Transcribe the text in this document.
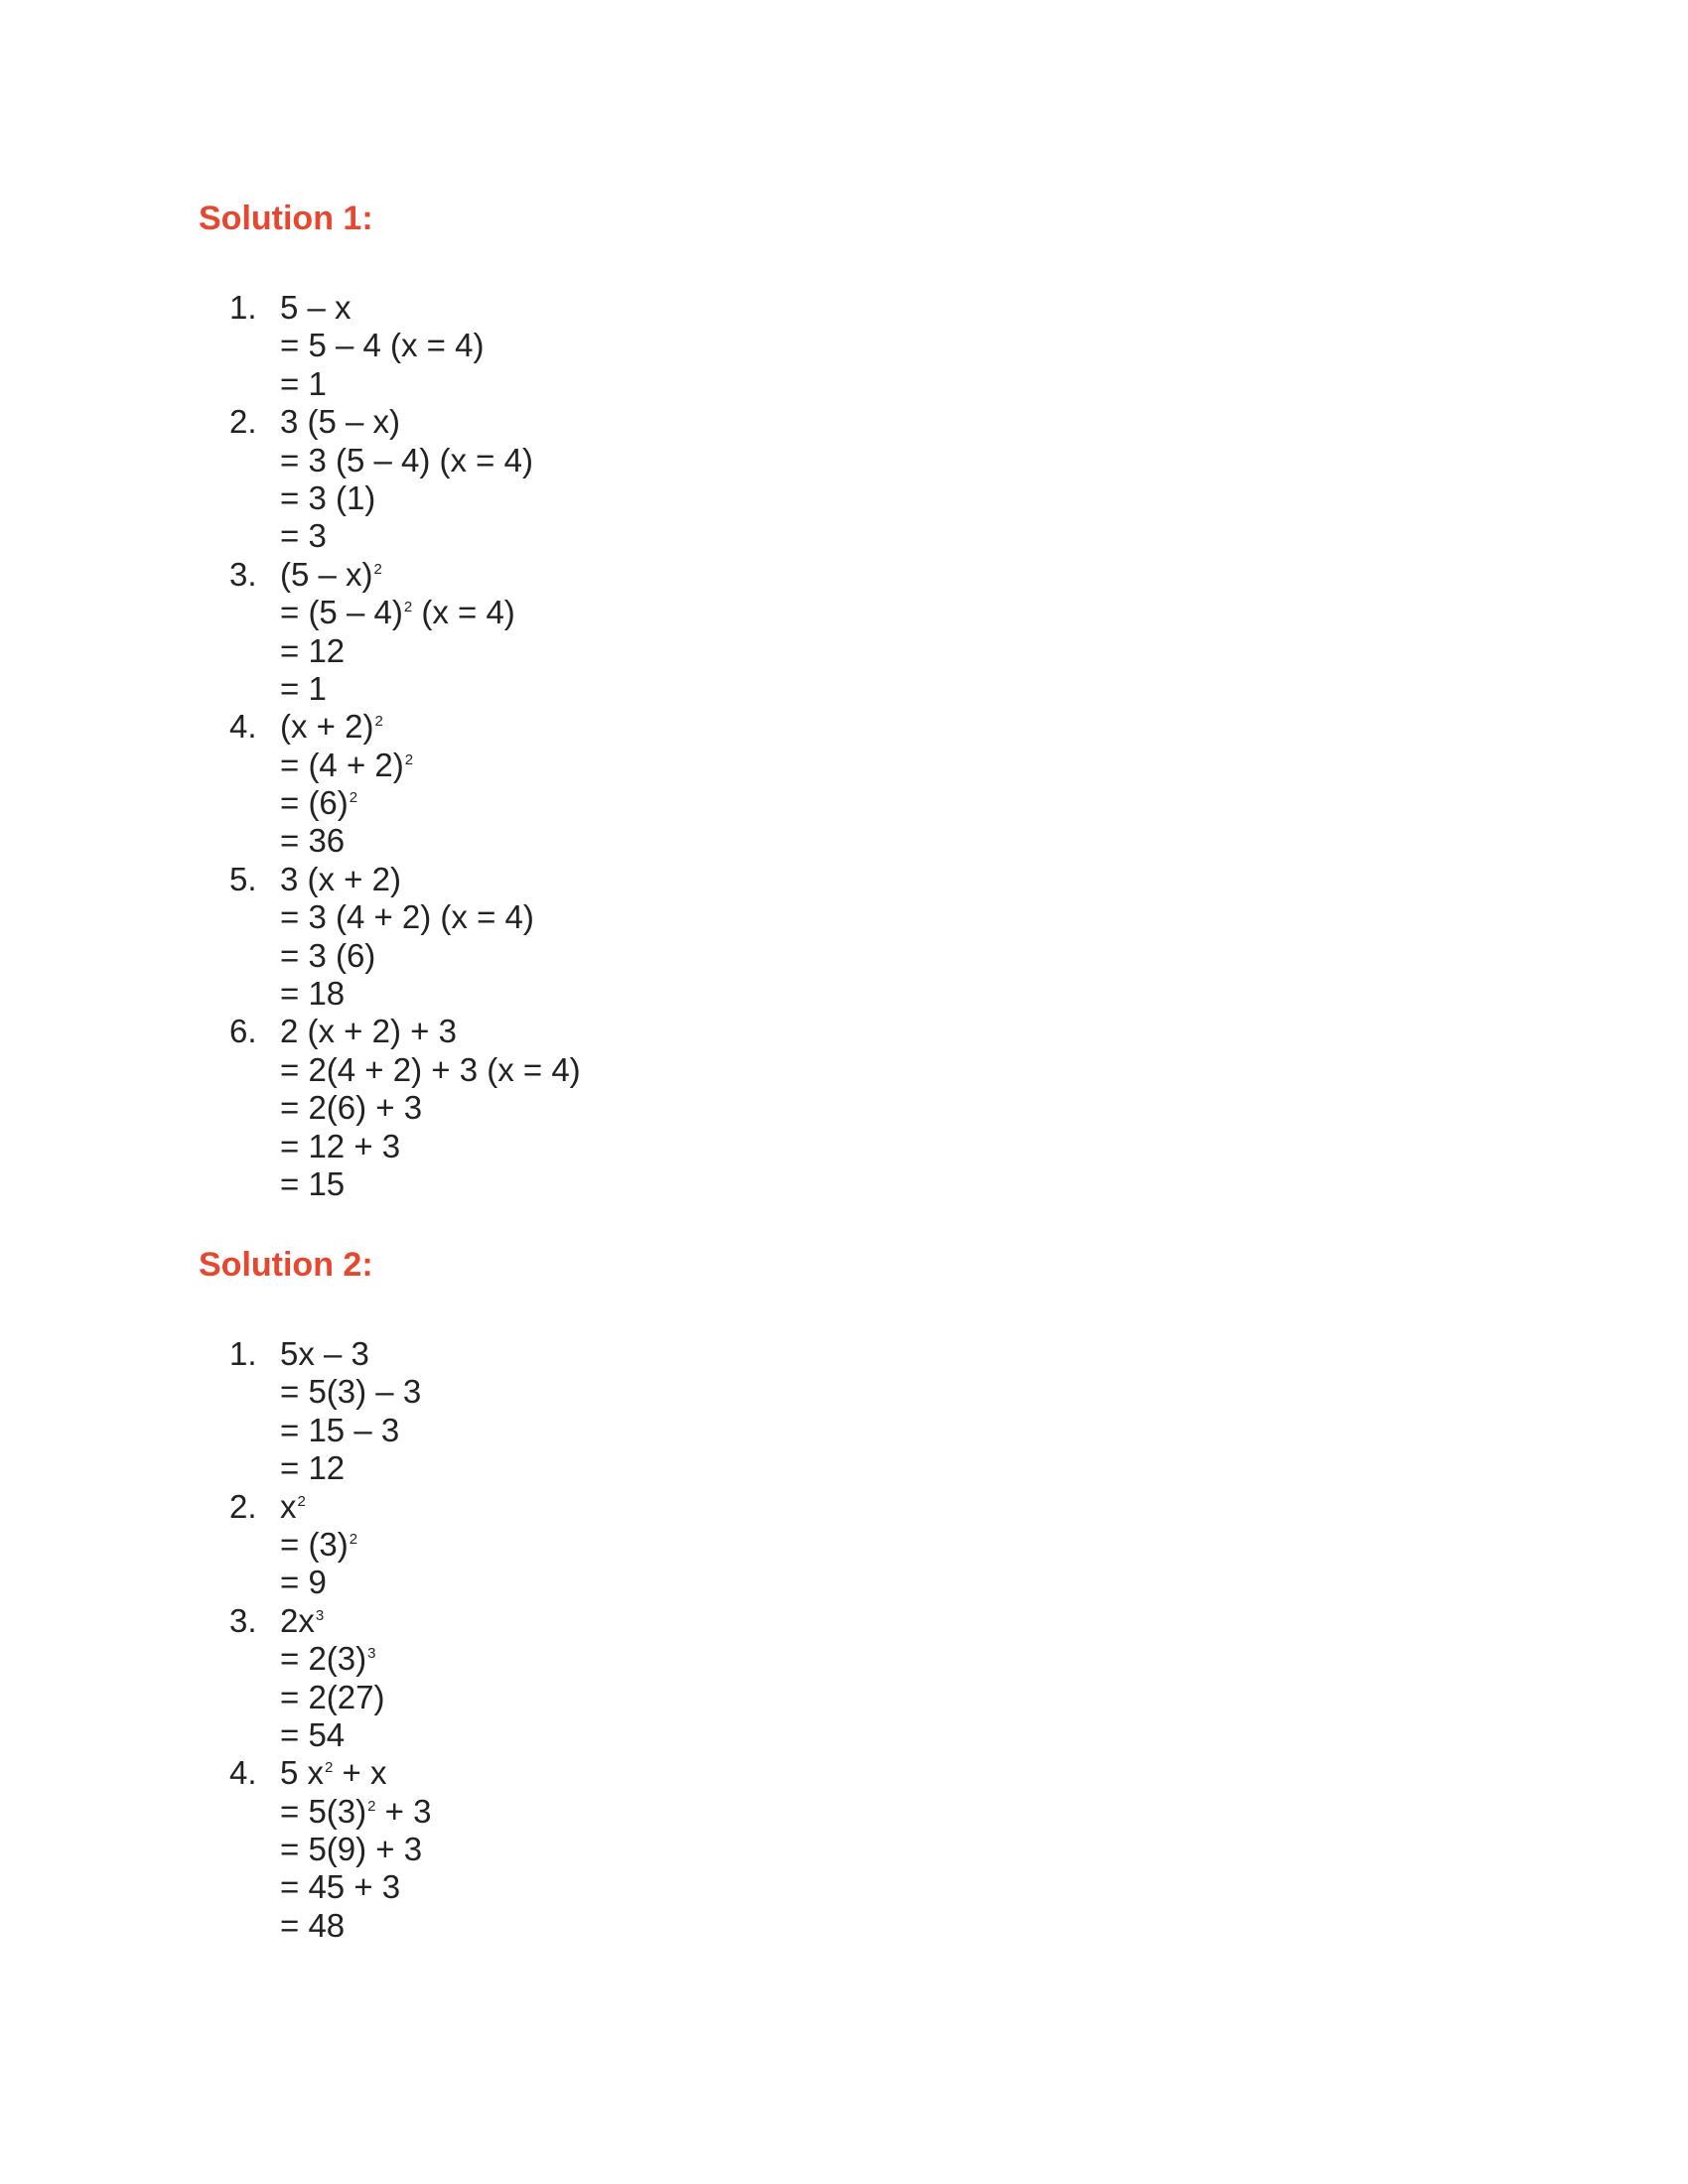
Solution 1:
1. 5 – x
= 5 – 4 (x = 4)
= 1
2. 3 (5 – x)
= 3 (5 – 4) (x = 4)
= 3 (1)
= 3
3. (5 – x)$^2$
= (5 – 4)$^2$ (x = 4)
= 12
= 1
4. $(x + 2)^2$
= $(4 + 2)^2$
= $(6)^2$
= 36
5. 3 (x + 2)
= 3 (4 + 2) (x = 4)
= 3 (6)
= 18
6. 2 (x + 2) + 3
= 2(4 + 2) + 3 (x = 4)
= 2(6) + 3
= 12 + 3
= 15
Solution 2:
1. 5x – 3
= 5(3) – 3
= 15 – 3
= 12
2. $x^2$
= $(3)^2$
= 9
3. $2x^3$
= $2(3)^3$
= 2(27)
= 54
4. 5 $x^2 + x$
= $5(3)^2 + 3$
= 5(9) + 3
= 45 + 3
= 48
